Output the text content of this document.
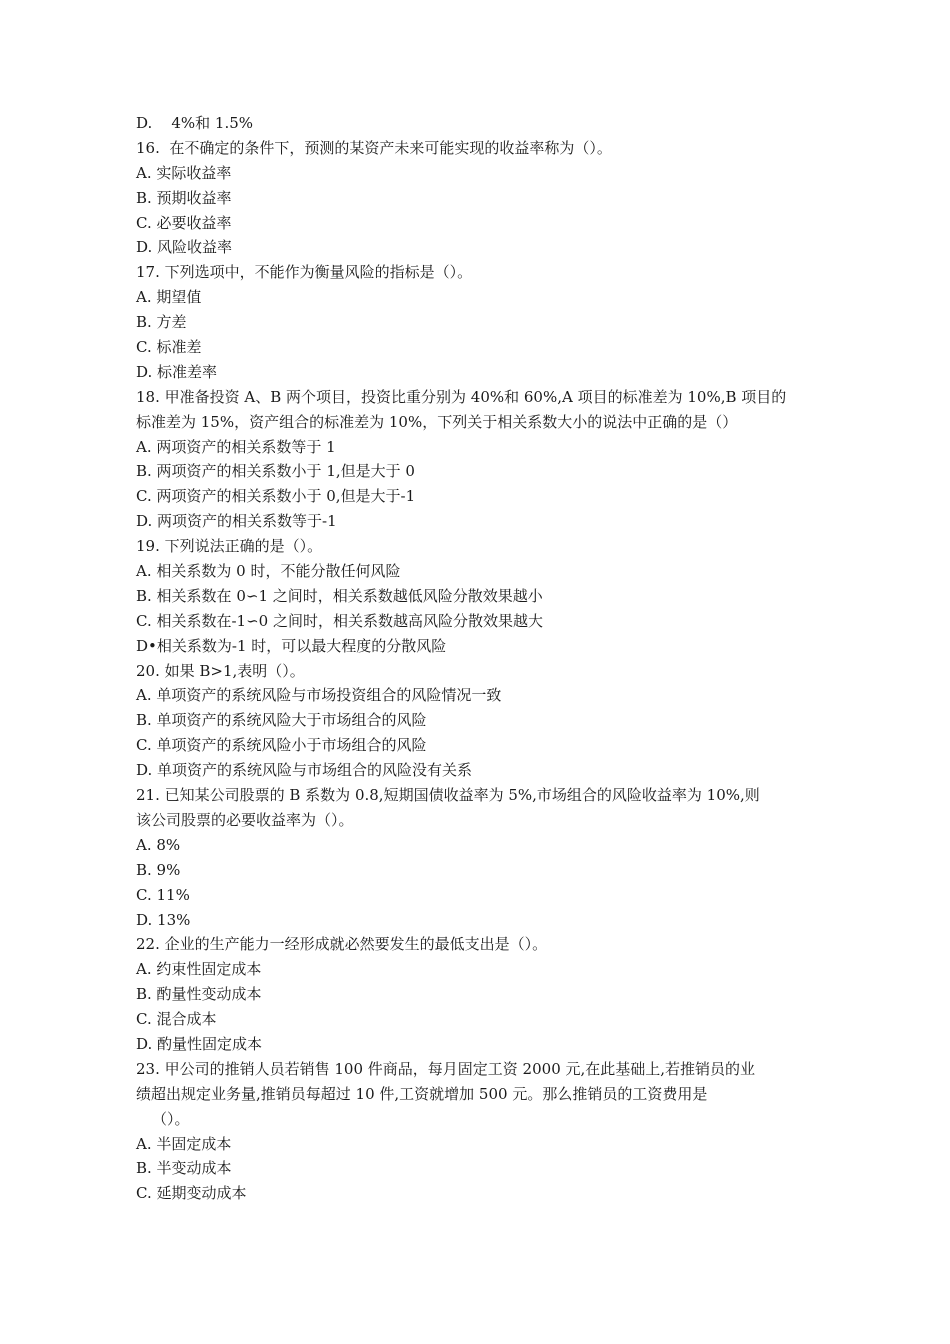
D.    4%和 1.5%
16.  在不确定的条件下，预测的某资产未来可能实现的收益率称为（）。
A. 实际收益率
B. 预期收益率
C. 必要收益率
D. 风险收益率
17. 下列选项中，不能作为衡量风险的指标是（）。
A. 期望值
B. 方差
C. 标准差
D. 标准差率
18. 甲准备投资 A、B 两个项目，投资比重分别为 40%和 60%,A 项目的标准差为 10%,B 项目的
标准差为 15%，资产组合的标准差为 10%，下列关于相关系数大小的说法中正确的是（）
A. 两项资产的相关系数等于 1
B. 两项资产的相关系数小于 1,但是大于 0
C. 两项资产的相关系数小于 0,但是大于-1
D. 两项资产的相关系数等于-1
19. 下列说法正确的是（）。
A. 相关系数为 0 时，不能分散任何风险
B. 相关系数在 0∽1 之间时，相关系数越低风险分散效果越小
C. 相关系数在-1∽0 之间时，相关系数越高风险分散效果越大
D•相关系数为-1 时，可以最大程度的分散风险
20. 如果 B>1,表明（）。
A. 单项资产的系统风险与市场投资组合的风险情况一致
B. 单项资产的系统风险大于市场组合的风险
C. 单项资产的系统风险小于市场组合的风险
D. 单项资产的系统风险与市场组合的风险没有关系
21. 已知某公司股票的 B 系数为 0.8,短期国债收益率为 5%,市场组合的风险收益率为 10%,则
该公司股票的必要收益率为（）。
A. 8%
B. 9%
C. 11%
D. 13%
22. 企业的生产能力一经形成就必然要发生的最低支出是（）。
A. 约束性固定成本
B. 酌量性变动成本
C. 混合成本
D. 酌量性固定成本
23. 甲公司的推销人员若销售 100 件商品，每月固定工资 2000 元,在此基础上,若推销员的业
绩超出规定业务量,推销员每超过 10 件,工资就增加 500 元。那么推销员的工资费用是
（）。
A. 半固定成本
B. 半变动成本
C. 延期变动成本
